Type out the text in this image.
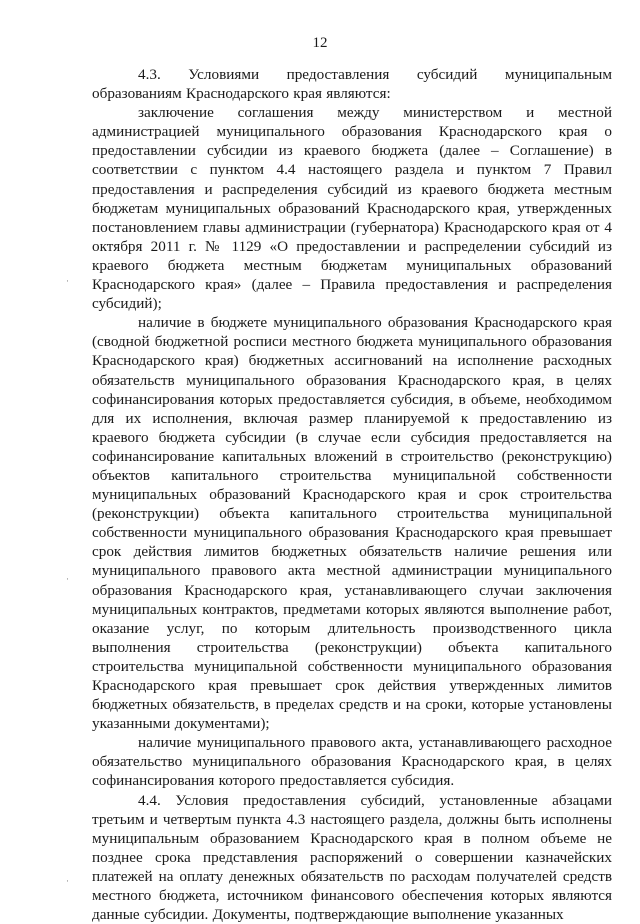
12
·
·
·

4.3. Условиями предоставления субсидий муниципальным образованиям Краснодарского края являются:

заключение соглашения между министерством и местной администрацией муниципального образования Краснодарского края о предоставлении субсидии из краевого бюджета (далее – Соглашение) в соответствии с пунктом 4.4 настоящего раздела и пунктом 7 Правил предоставления и распределения субсидий из краевого бюджета местным бюджетам муниципальных образований Краснодарского края, утвержденных постановлением главы администрации (губернатора) Краснодарского края от 4 октября 2011 г. № 1129 «О предоставлении и распределении субсидий из краевого бюджета местным бюджетам муниципальных образований Краснодарского края» (далее – Правила предоставления и распределения субсидий);

наличие в бюджете муниципального образования Краснодарского края (сводной бюджетной росписи местного бюджета муниципального образования Краснодарского края) бюджетных ассигнований на исполнение расходных обязательств муниципального образования Краснодарского края, в целях софинансирования которых предоставляется субсидия, в объеме, необходимом для их исполнения, включая размер планируемой к предоставлению из краевого бюджета субсидии (в случае если субсидия предоставляется на софинансирование капитальных вложений в строительство (реконструкцию) объектов капитального строительства муниципальной собственности муниципальных образований Краснодарского края и срок строительства (реконструкции) объекта капитального строительства муниципальной собственности муниципального образования Краснодарского края превышает срок действия лимитов бюджетных обязательств наличие решения или муниципального правового акта местной администрации муниципального образования Краснодарского края, устанавливающего случаи заключения муниципальных контрактов, предметами которых являются выполнение работ, оказание услуг, по которым длительность производственного цикла выполнения строительства (реконструкции) объекта капитального строительства муниципальной собственности муниципального образования Краснодарского края превышает срок действия утвержденных лимитов бюджетных обязательств, в пределах средств и на сроки, которые установлены указанными документами);

наличие муниципального правового акта, устанавливающего расходное обязательство муниципального образования Краснодарского края, в целях софинансирования которого предоставляется субсидия.

4.4. Условия предоставления субсидий, установленные абзацами третьим и четвертым пункта 4.3 настоящего раздела, должны быть исполнены муниципальным образованием Краснодарского края в полном объеме не позднее срока представления распоряжений о совершении казначейских платежей на оплату денежных обязательств по расходам получателей средств местного бюджета, источником финансового обеспечения которых являются данные субсидии. Документы, подтверждающие выполнение указанных
